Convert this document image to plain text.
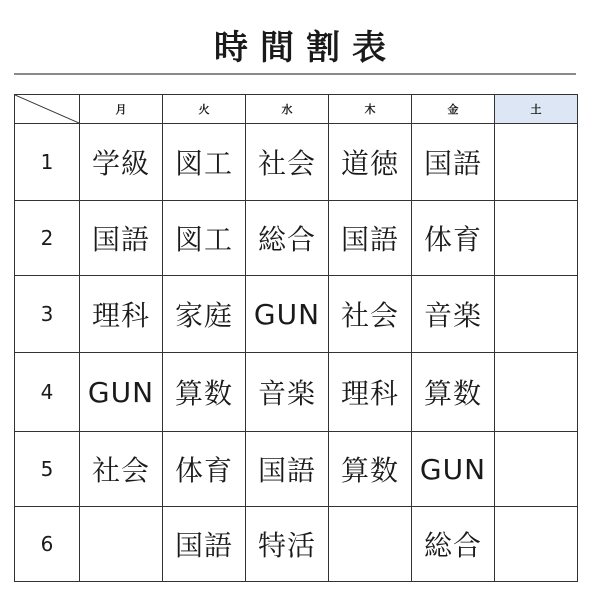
時間割表
	月	火	水	木	金	土
1	学級	図工	社会	道徳	国語	
2	国語	図工	総合	国語	体育	
3	理科	家庭	GUN	社会	音楽	
4	GUN	算数	音楽	理科	算数	
5	社会	体育	国語	算数	GUN	
6		国語	特活		総合	
